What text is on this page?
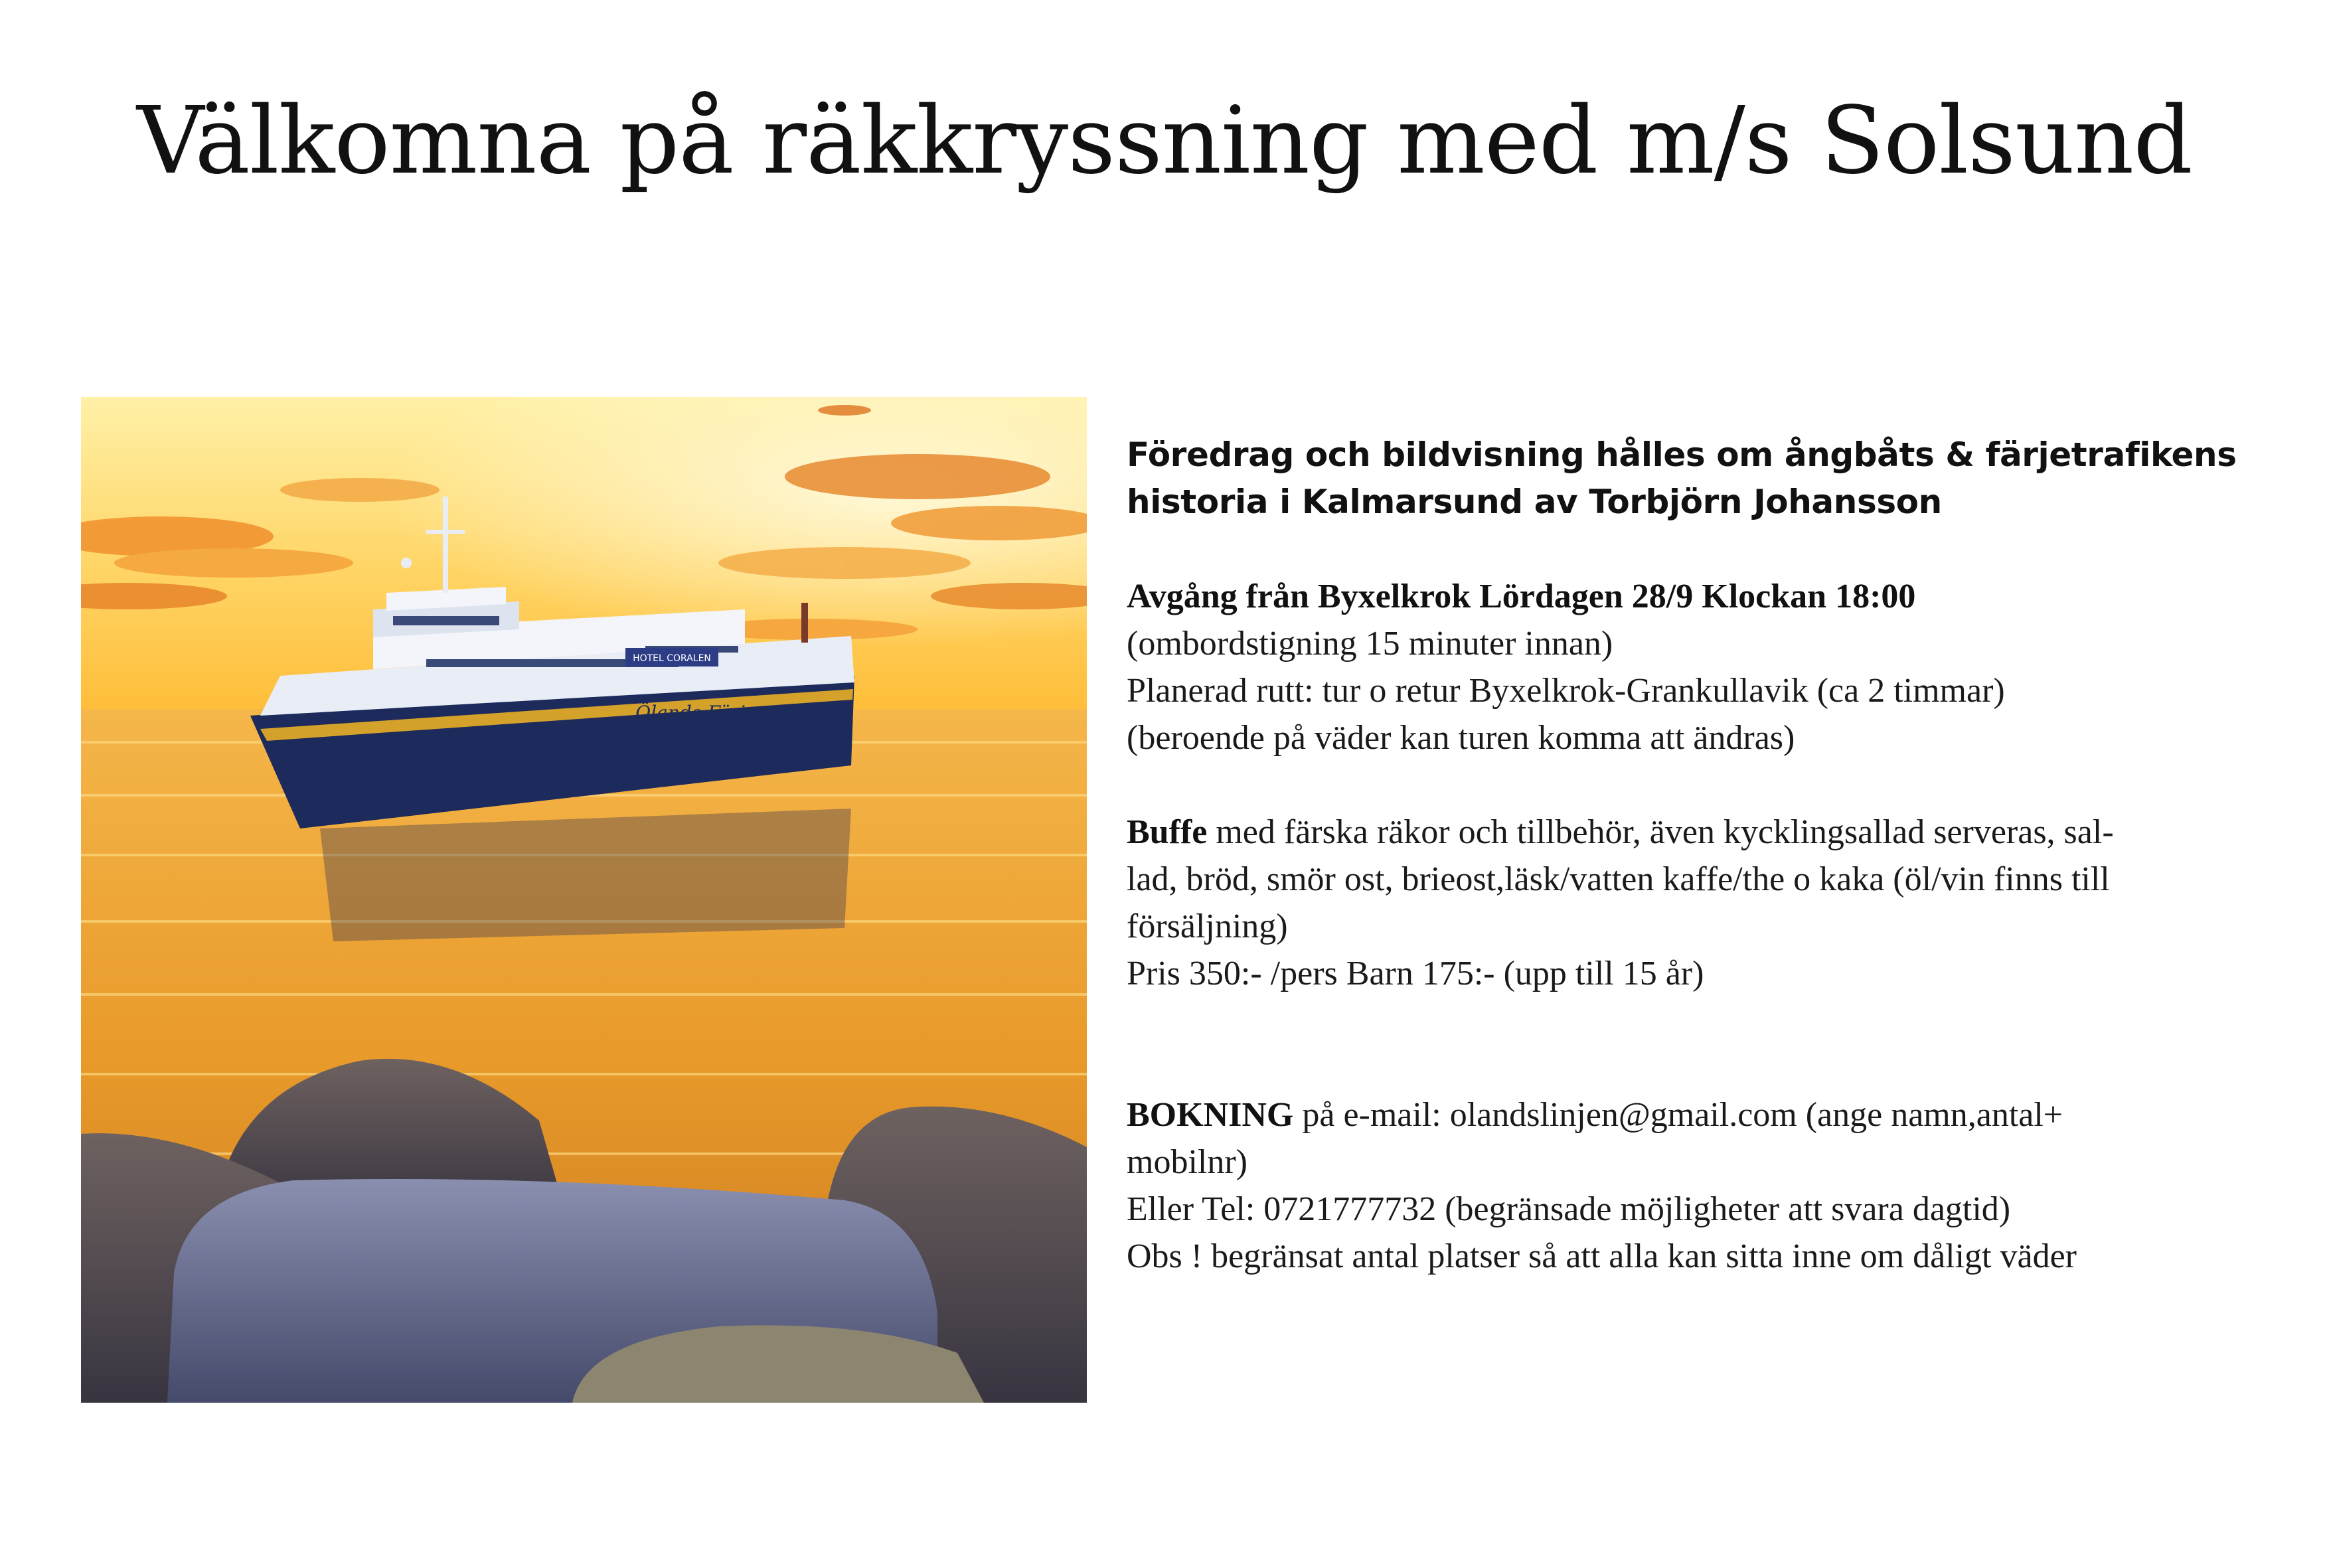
Välkomna på räkkryssning med m/s Solsund
HOTEL CORALEN
Ölands-Färjan

Föredrag och bildvisning hålles om ångbåts & färjetrafikens
historia i Kalmarsund av Torbjörn Johansson

Avgång från Byxelkrok Lördagen 28/9 Klockan 18:00
(ombordstigning 15 minuter innan)
Planerad rutt: tur o retur Byxelkrok-Grankullavik (ca 2 timmar)
(beroende på väder kan turen komma att ändras)
Buffe med färska räkor och tillbehör, även kycklingsallad serveras, sal-
lad, bröd, smör ost, brieost,läsk/vatten kaffe/the o kaka (öl/vin finns till
försäljning)
Pris 350:- /pers Barn 175:- (upp till 15 år)
BOKNING på e-mail: olandslinjen@gmail.com (ange namn,antal+
mobilnr)
Eller Tel: 0721777732 (begränsade möjligheter att svara dagtid)
Obs ! begränsat antal platser så att alla kan sitta inne om dåligt väder
